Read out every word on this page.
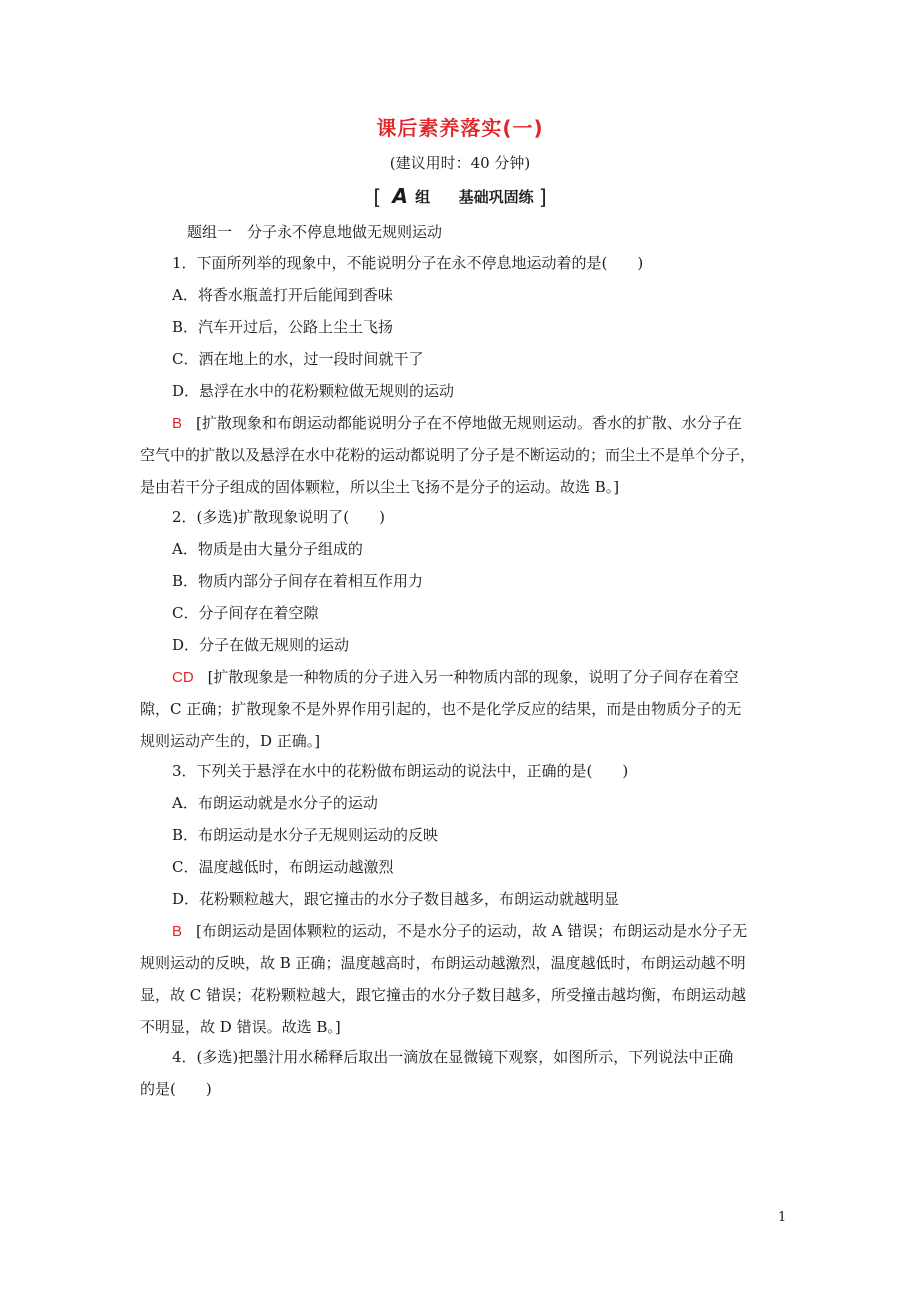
课后素养落实(一)
(建议用时：40 分钟)
[ A 组 基础巩固练 ]
题组一　分子永不停息地做无规则运动
1．下面所列举的现象中，不能说明分子在永不停息地运动着的是(　　)
A．将香水瓶盖打开后能闻到香味
B．汽车开过后，公路上尘土飞扬
C．洒在地上的水，过一段时间就干了
D．悬浮在水中的花粉颗粒做无规则的运动
B [扩散现象和布朗运动都能说明分子在不停地做无规则运动。香水的扩散、水分子在
空气中的扩散以及悬浮在水中花粉的运动都说明了分子是不断运动的；而尘土不是单个分子，
是由若干分子组成的固体颗粒，所以尘土飞扬不是分子的运动。故选 B。]
2．(多选)扩散现象说明了(　　)
A．物质是由大量分子组成的
B．物质内部分子间存在着相互作用力
C．分子间存在着空隙
D．分子在做无规则的运动
CD [扩散现象是一种物质的分子进入另一种物质内部的现象，说明了分子间存在着空
隙，C 正确；扩散现象不是外界作用引起的，也不是化学反应的结果，而是由物质分子的无
规则运动产生的，D 正确。]
3．下列关于悬浮在水中的花粉做布朗运动的说法中，正确的是(　　)
A．布朗运动就是水分子的运动
B．布朗运动是水分子无规则运动的反映
C．温度越低时，布朗运动越激烈
D．花粉颗粒越大，跟它撞击的水分子数目越多，布朗运动就越明显
B [布朗运动是固体颗粒的运动，不是水分子的运动，故 A 错误；布朗运动是水分子无
规则运动的反映，故 B 正确；温度越高时，布朗运动越激烈，温度越低时，布朗运动越不明
显，故 C 错误；花粉颗粒越大，跟它撞击的水分子数目越多，所受撞击越均衡，布朗运动越
不明显，故 D 错误。故选 B。]
4．(多选)把墨汁用水稀释后取出一滴放在显微镜下观察，如图所示，下列说法中正确
的是(　　)
1
